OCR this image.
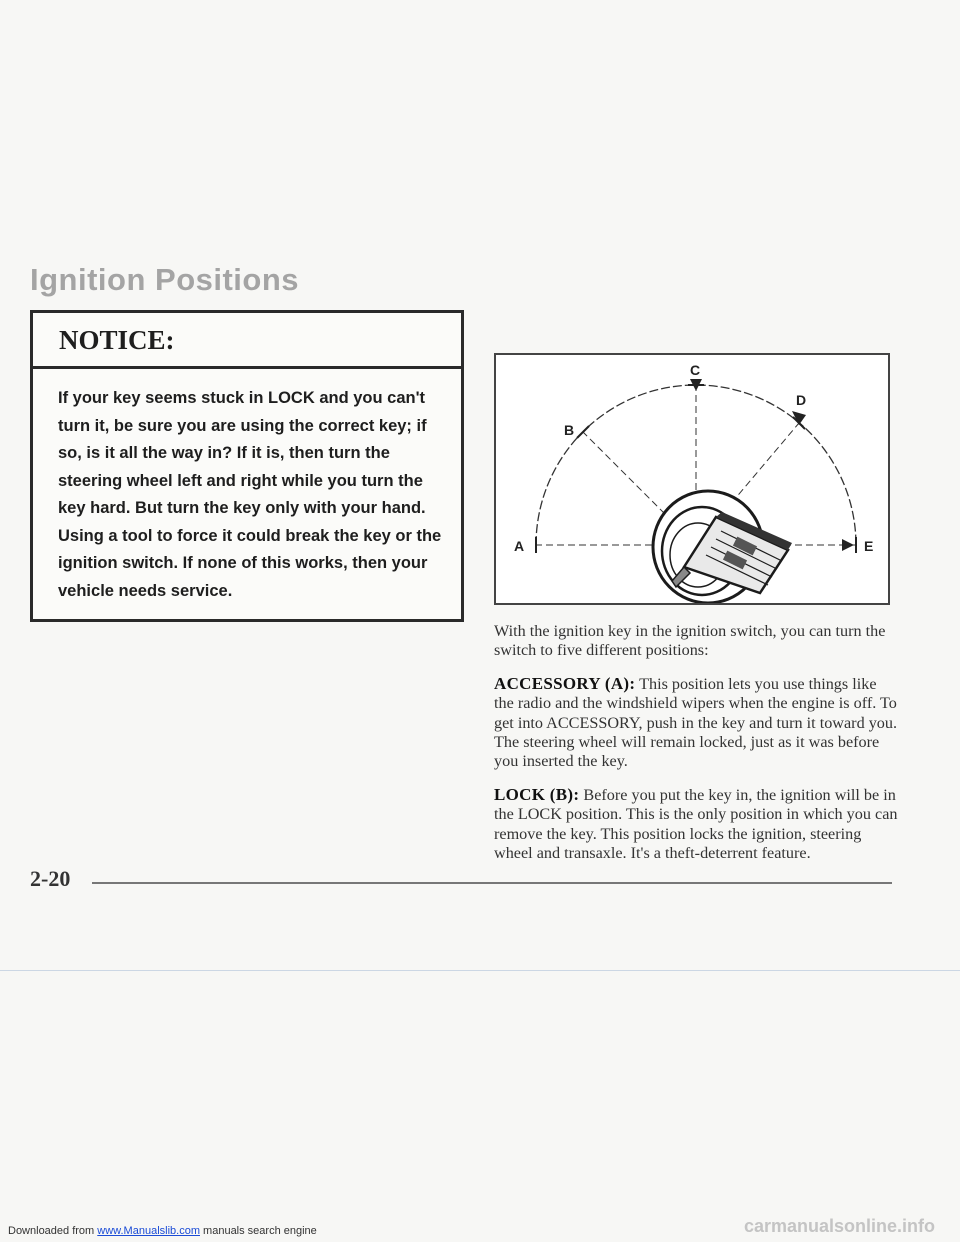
Ignition Positions
NOTICE:

If your key seems stuck in LOCK and you can't turn it, be sure you are using the correct key; if so, is it all the way in? If it is, then turn the steering wheel left and right while you turn the key hard. But turn the key only with your hand. Using a tool to force it could break the key or the ignition switch. If none of this works, then your vehicle needs service.

A
B
C
D
E

With the ignition key in the ignition switch, you can turn the switch to five different positions:

ACCESSORY (A): This position lets you use things like the radio and the windshield wipers when the engine is off. To get into ACCESSORY, push in the key and turn it toward you. The steering wheel will remain locked, just as it was before you inserted the key.

LOCK (B): Before you put the key in, the ignition will be in the LOCK position. This is the only position in which you can remove the key. This position locks the ignition, steering wheel and transaxle. It's a theft-deterrent feature.

2-20

Downloaded from www.Manualslib.com manuals search engine	carmanualsonline.info
